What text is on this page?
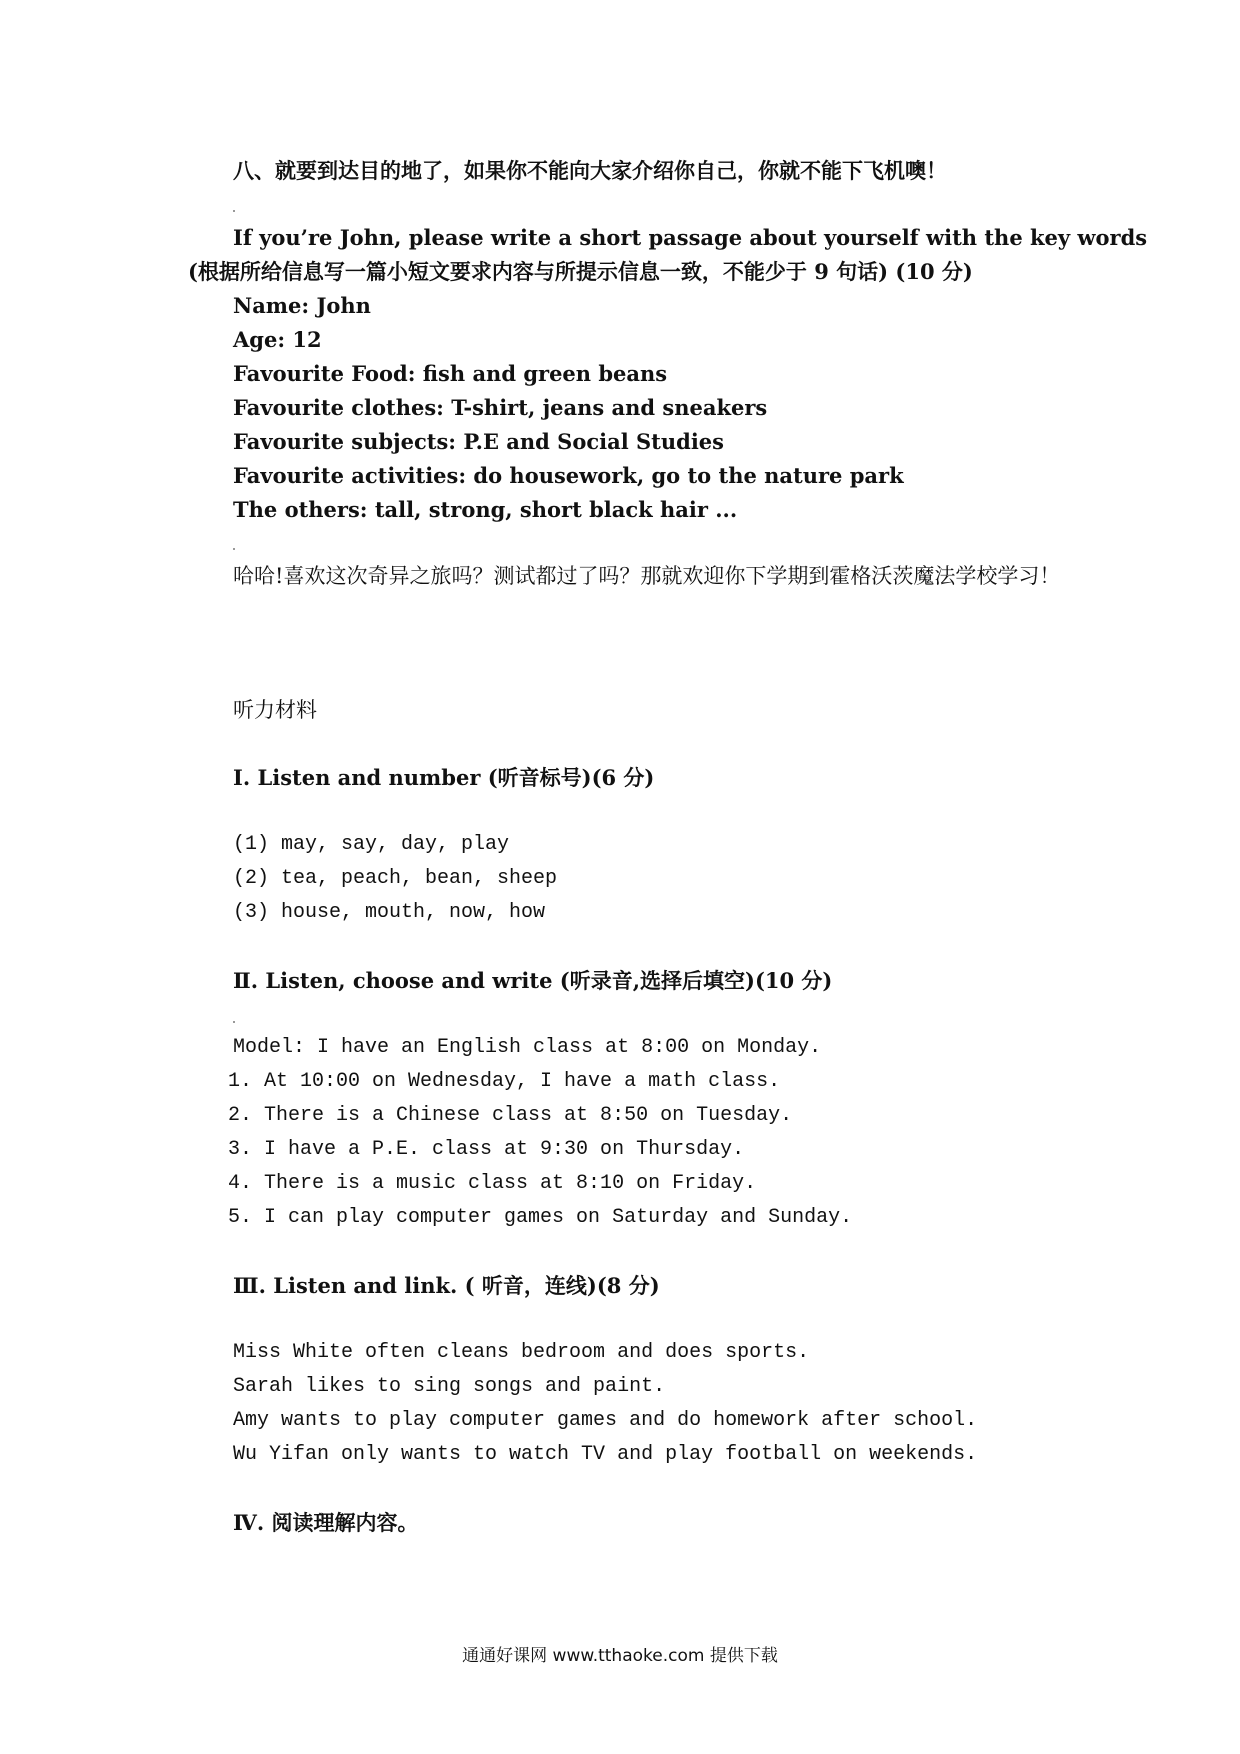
八、就要到达目的地了，如果你不能向大家介绍你自己，你就不能下飞机噢！
If you’re John, please write a short passage about yourself with the key words
(根据所给信息写一篇小短文要求内容与所提示信息一致，不能少于 9 句话) (10 分)
Name: John
Age: 12
Favourite Food: fish and green beans
Favourite clothes: T-shirt, jeans and sneakers
Favourite subjects: P.E and Social Studies
Favourite activities: do housework, go to the nature park
The others: tall, strong, short black hair ...
哈哈!喜欢这次奇异之旅吗？测试都过了吗？那就欢迎你下学期到霍格沃茨魔法学校学习！
听力材料
Ⅰ. Listen and number (听音标号)(6 分)
(1) may, say, day, play
(2) tea, peach, bean, sheep
(3) house, mouth, now, how
Ⅱ. Listen, choose and write (听录音,选择后填空)(10 分)
Model: I have an English class at 8:00 on Monday.
1. At 10:00 on Wednesday, I have a math class.
2. There is a Chinese class at 8:50 on Tuesday.
3. I have a P.E. class at 9:30 on Thursday.
4. There is a music class at 8:10 on Friday.
5. I can play computer games on Saturday and Sunday.
Ⅲ. Listen and link. ( 听音，连线)(8 分)
Miss White often cleans bedroom and does sports.
Sarah likes to sing songs and paint.
Amy wants to play computer games and do homework after school.
Wu Yifan only wants to watch TV and play football on weekends.
Ⅳ. 阅读理解内容。
通通好课网 www.tthaoke.com 提供下载
